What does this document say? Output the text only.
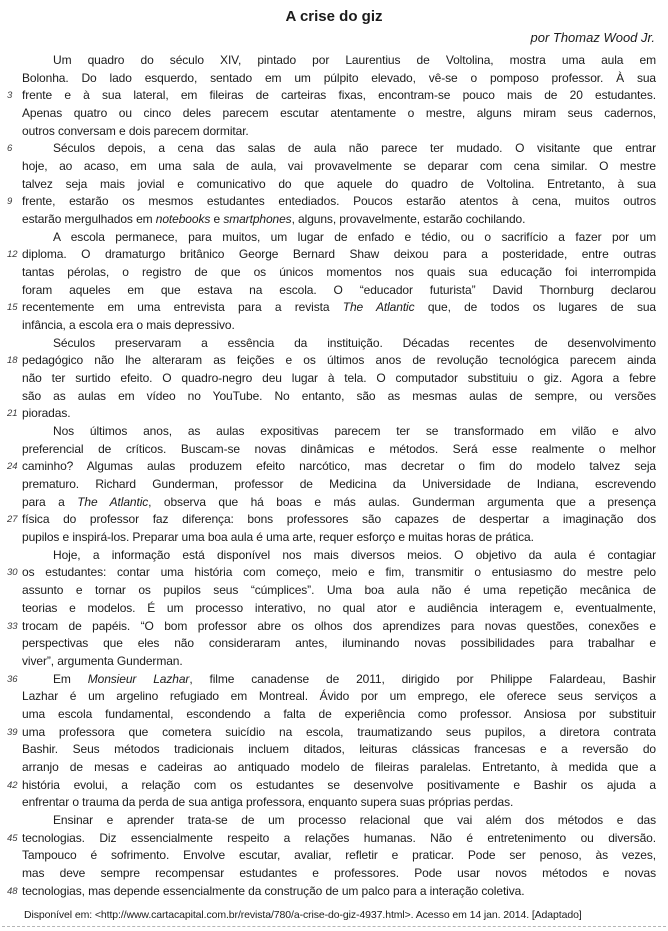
A crise do giz
por Thomaz Wood Jr.
Um quadro do século XIV, pintado por Laurentius de Voltolina, mostra uma aula em
Bolonha. Do lado esquerdo, sentado em um púlpito elevado, vê-se o pomposo professor. À sua
3 frente e à sua lateral, em fileiras de carteiras fixas, encontram-se pouco mais de 20 estudantes.
Apenas quatro ou cinco deles parecem escutar atentamente o mestre, alguns miram seus cadernos,
outros conversam e dois parecem dormitar.
6	Séculos depois, a cena das salas de aula não parece ter mudado. O visitante que entrar
hoje, ao acaso, em uma sala de aula, vai provavelmente se deparar com cena similar. O mestre
talvez seja mais jovial e comunicativo do que aquele do quadro de Voltolina. Entretanto, à sua
9 frente, estarão os mesmos estudantes entediados. Poucos estarão atentos à cena, muitos outros
estarão mergulhados em notebooks e smartphones, alguns, provavelmente, estarão cochilando.
A escola permanece, para muitos, um lugar de enfado e tédio, ou o sacrifício a fazer por um
12 diploma. O dramaturgo britânico George Bernard Shaw deixou para a posteridade, entre outras
tantas pérolas, o registro de que os únicos momentos nos quais sua educação foi interrompida
foram aqueles em que estava na escola. O “educador futurista” David Thornburg declarou
15 recentemente em uma entrevista para a revista The Atlantic que, de todos os lugares de sua
infância, a escola era o mais depressivo.
Séculos preservaram a essência da instituição. Décadas recentes de desenvolvimento
18 pedagógico não lhe alteraram as feições e os últimos anos de revolução tecnológica parecem ainda
não ter surtido efeito. O quadro-negro deu lugar à tela. O computador substituiu o giz. Agora a febre
são as aulas em vídeo no YouTube. No entanto, são as mesmas aulas de sempre, ou versões
21 pioradas.
Nos últimos anos, as aulas expositivas parecem ter se transformado em vilão e alvo
preferencial de críticos. Buscam-se novas dinâmicas e métodos. Será esse realmente o melhor
24 caminho? Algumas aulas produzem efeito narcótico, mas decretar o fim do modelo talvez seja
prematuro. Richard Gunderman, professor de Medicina da Universidade de Indiana, escrevendo
para a The Atlantic, observa que há boas e más aulas. Gunderman argumenta que a presença
27 física do professor faz diferença: bons professores são capazes de despertar a imaginação dos
pupilos e inspirá-los. Preparar uma boa aula é uma arte, requer esforço e muitas horas de prática.
Hoje, a informação está disponível nos mais diversos meios. O objetivo da aula é contagiar
30 os estudantes: contar uma história com começo, meio e fim, transmitir o entusiasmo do mestre pelo
assunto e tornar os pupilos seus “cúmplices”. Uma boa aula não é uma repetição mecânica de
teorias e modelos. É um processo interativo, no qual ator e audiência interagem e, eventualmente,
33 trocam de papéis. “O bom professor abre os olhos dos aprendizes para novas questões, conexões e
perspectivas que eles não consideraram antes, iluminando novas possibilidades para trabalhar e
viver”, argumenta Gunderman.
36	Em Monsieur Lazhar, filme canadense de 2011, dirigido por Philippe Falardeau, Bashir
Lazhar é um argelino refugiado em Montreal. Ávido por um emprego, ele oferece seus serviços a
uma escola fundamental, escondendo a falta de experiência como professor. Ansiosa por substituir
39 uma professora que cometera suicídio na escola, traumatizando seus pupilos, a diretora contrata
Bashir. Seus métodos tradicionais incluem ditados, leituras clássicas francesas e a reversão do
arranjo de mesas e cadeiras ao antiquado modelo de fileiras paralelas. Entretanto, à medida que a
42 história evolui, a relação com os estudantes se desenvolve positivamente e Bashir os ajuda a
enfrentar o trauma da perda de sua antiga professora, enquanto supera suas próprias perdas.
Ensinar e aprender trata-se de um processo relacional que vai além dos métodos e das
45 tecnologias. Diz essencialmente respeito a relações humanas. Não é entretenimento ou diversão.
Tampouco é sofrimento. Envolve escutar, avaliar, refletir e praticar. Pode ser penoso, às vezes,
mas deve sempre recompensar estudantes e professores. Pode usar novos métodos e novas
48 tecnologias, mas depende essencialmente da construção de um palco para a interação coletiva.
Disponível em: <http://www.cartacapital.com.br/revista/780/a-crise-do-giz-4937.html>. Acesso em 14 jan. 2014. [Adaptado]
